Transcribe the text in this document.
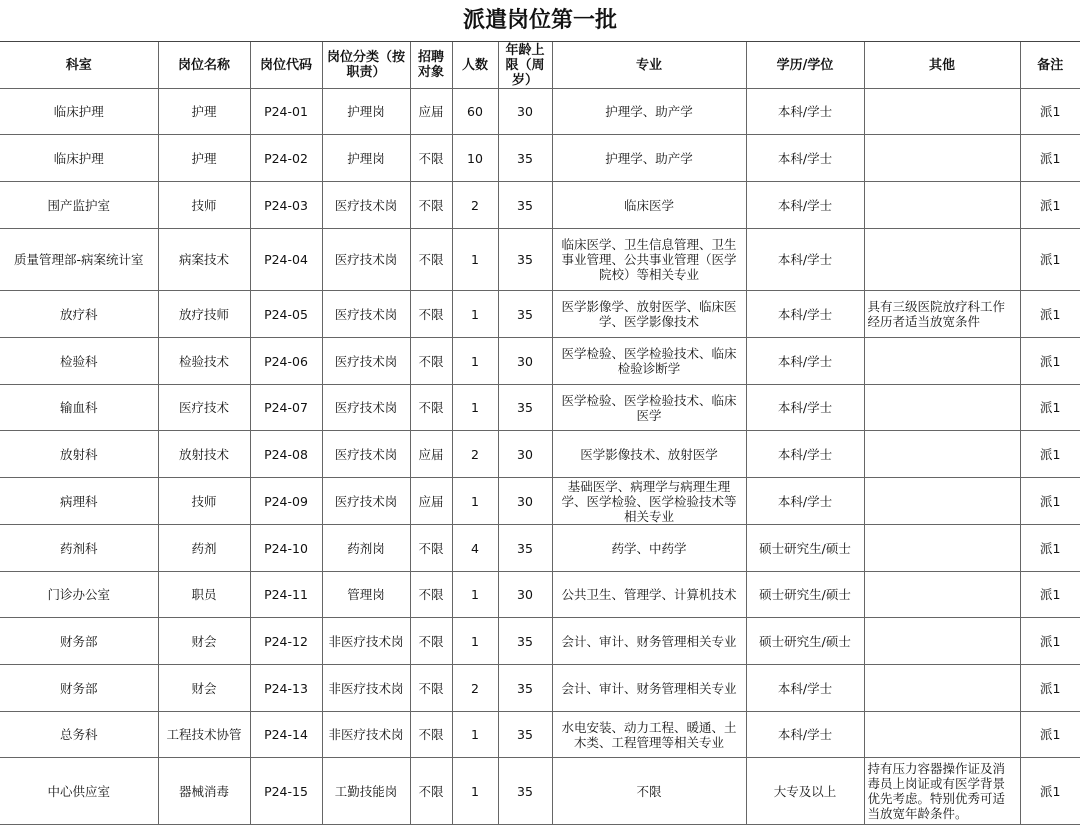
派遣岗位第一批
科室	岗位名称	岗位代码	岗位分类（按职责）	招聘对象	人数	年龄上限（周岁）	专业	学历/学位	其他	备注
临床护理	护理	P24-01	护理岗	应届	60	30	护理学、助产学	本科/学士		派1
临床护理	护理	P24-02	护理岗	不限	10	35	护理学、助产学	本科/学士		派1
围产监护室	技师	P24-03	医疗技术岗	不限	2	35	临床医学	本科/学士		派1
质量管理部-病案统计室	病案技术	P24-04	医疗技术岗	不限	1	35	临床医学、卫生信息管理、卫生事业管理、公共事业管理（医学院校）等相关专业	本科/学士		派1
放疗科	放疗技师	P24-05	医疗技术岗	不限	1	35	医学影像学、放射医学、临床医学、医学影像技术	本科/学士	具有三级医院放疗科工作经历者适当放宽条件	派1
检验科	检验技术	P24-06	医疗技术岗	不限	1	30	医学检验、医学检验技术、临床检验诊断学	本科/学士		派1
输血科	医疗技术	P24-07	医疗技术岗	不限	1	35	医学检验、医学检验技术、临床医学	本科/学士		派1
放射科	放射技术	P24-08	医疗技术岗	应届	2	30	医学影像技术、放射医学	本科/学士		派1
病理科	技师	P24-09	医疗技术岗	应届	1	30	基础医学、病理学与病理生理学、医学检验、医学检验技术等相关专业	本科/学士		派1
药剂科	药剂	P24-10	药剂岗	不限	4	35	药学、中药学	硕士研究生/硕士		派1
门诊办公室	职员	P24-11	管理岗	不限	1	30	公共卫生、管理学、计算机技术	硕士研究生/硕士		派1
财务部	财会	P24-12	非医疗技术岗	不限	1	35	会计、审计、财务管理相关专业	硕士研究生/硕士		派1
财务部	财会	P24-13	非医疗技术岗	不限	2	35	会计、审计、财务管理相关专业	本科/学士		派1
总务科	工程技术协管	P24-14	非医疗技术岗	不限	1	35	水电安装、动力工程、暖通、土木类、工程管理等相关专业	本科/学士		派1
中心供应室	器械消毒	P24-15	工勤技能岗	不限	1	35	不限	大专及以上	持有压力容器操作证及消毒员上岗证或有医学背景优先考虑。特别优秀可适当放宽年龄条件。	派1
